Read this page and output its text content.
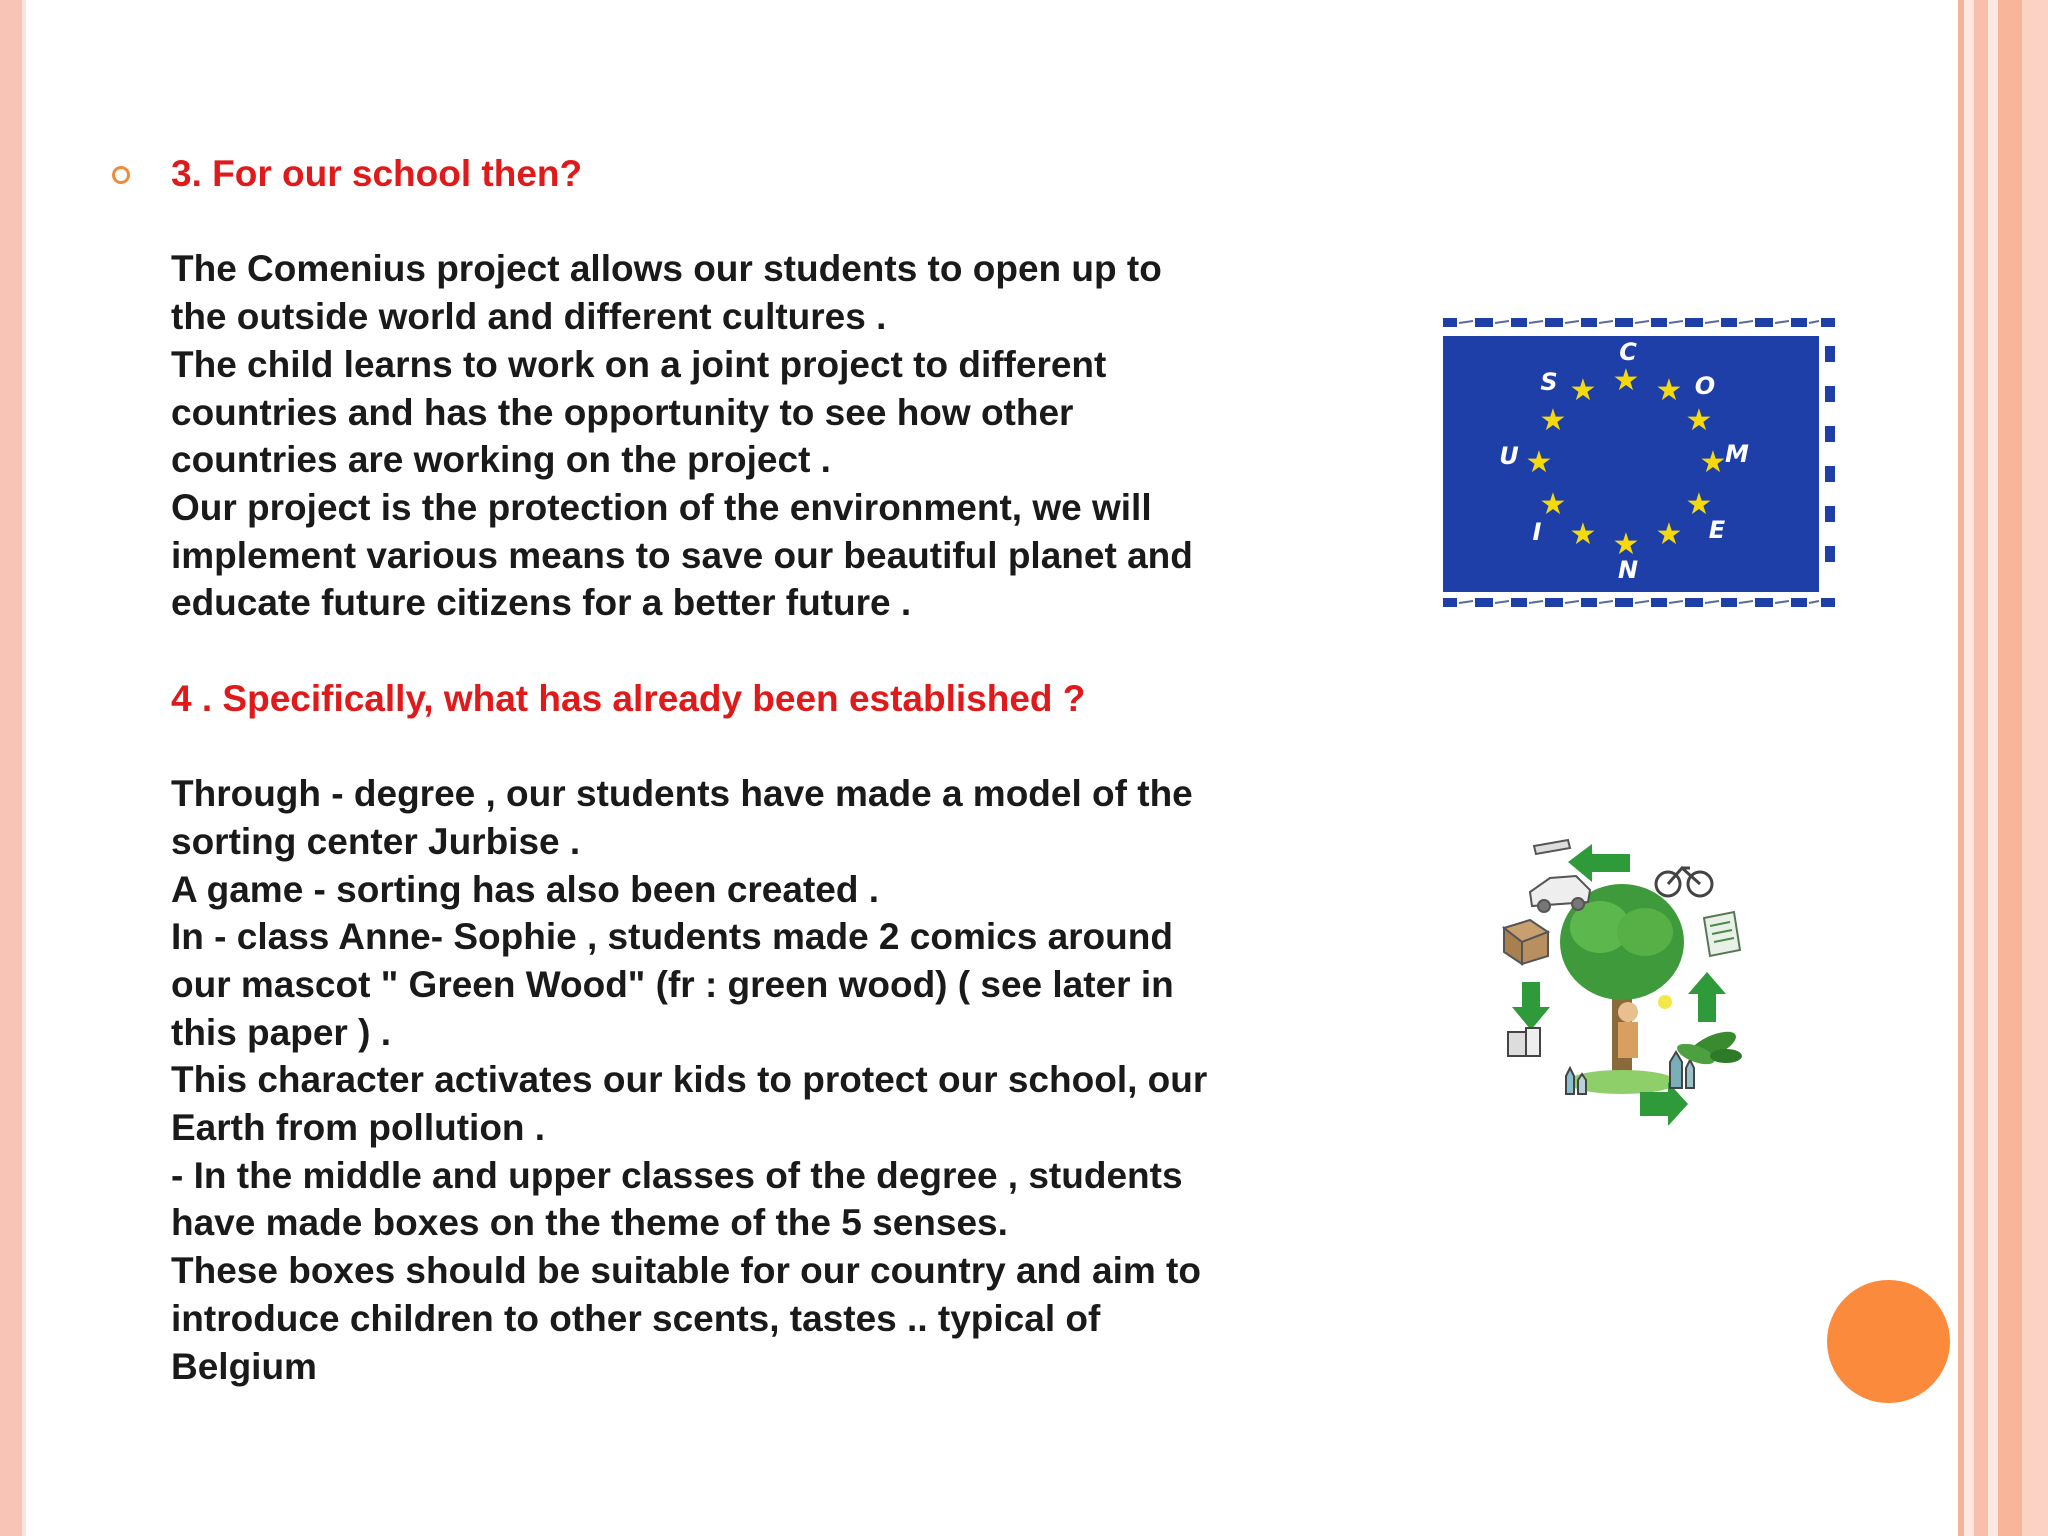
3. For our school then?

The Comenius project allows our students to open up to

the outside world and different cultures .

The child learns to work on a joint project to different

countries and has the opportunity to see how other

countries are working on the project .

Our project is the protection of the environment, we will

implement various means to save our beautiful planet and

educate future citizens for a better future .

4 . Specifically, what has already been established ?

Through - degree , our students have made a model of the

sorting center Jurbise .

A game - sorting has also been created .

In - class Anne- Sophie , students made 2 comics around

our mascot " Green Wood" (fr : green wood) ( see later in

this paper ) .

This character activates our kids to protect our school, our

Earth from pollution .

- In the middle and upper classes of the degree , students

have made boxes on the theme of the 5 senses.

These boxes should be suitable for our country and aim to

introduce children to other scents, tastes .. typical of

Belgium

★
★ ★
★	★
★	★
★	★
★ ★
★
C
O
M
E
N
I
U
S
